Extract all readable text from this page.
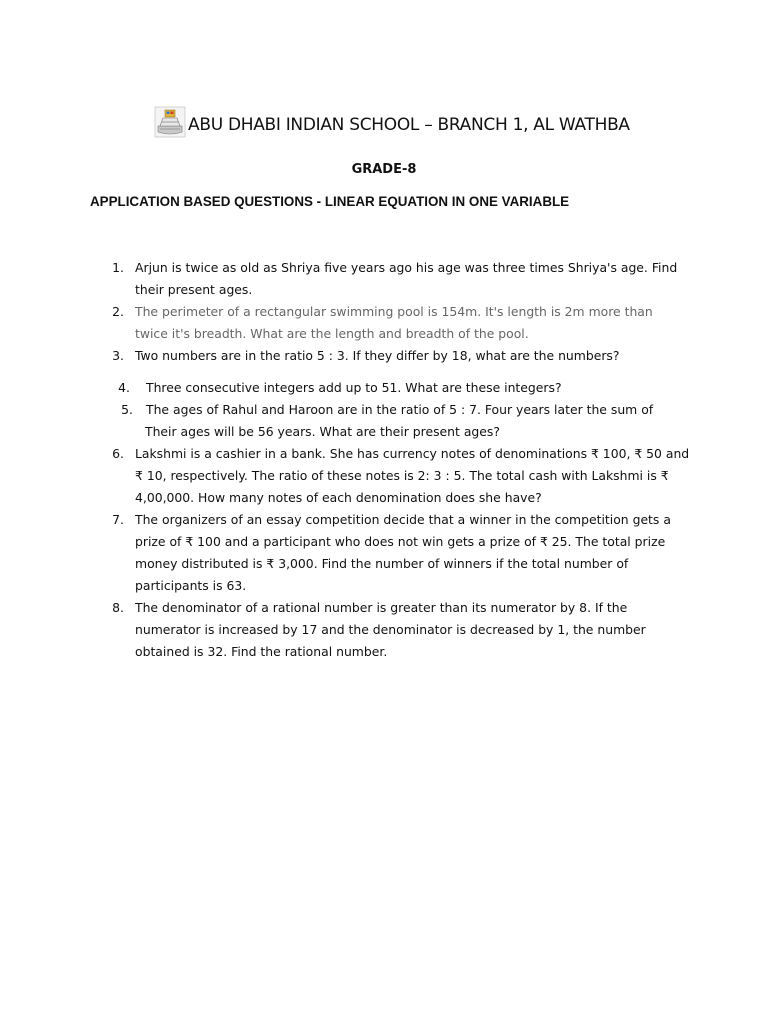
ABU DHABI INDIAN SCHOOL – BRANCH 1, AL WATHBA
GRADE-8
APPLICATION BASED QUESTIONS - LINEAR EQUATION IN ONE VARIABLE
1. Arjun is twice as old as Shriya five years ago his age was three times Shriya's age. Find
their present ages.
2. The perimeter of a rectangular swimming pool is 154m. It's length is 2m more than
twice it's breadth. What are the length and breadth of the pool.
3. Two numbers are in the ratio 5 : 3. If they differ by 18, what are the numbers?
4. Three consecutive integers add up to 51. What are these integers?
5. The ages of Rahul and Haroon are in the ratio of 5 : 7. Four years later the sum of
Their ages will be 56 years. What are their present ages?
6. Lakshmi is a cashier in a bank. She has currency notes of denominations ₹ 100, ₹ 50 and
₹ 10, respectively. The ratio of these notes is 2: 3 : 5. The total cash with Lakshmi is ₹
4,00,000. How many notes of each denomination does she have?
7. The organizers of an essay competition decide that a winner in the competition gets a
prize of ₹ 100 and a participant who does not win gets a prize of ₹ 25. The total prize
money distributed is ₹ 3,000. Find the number of winners if the total number of
participants is 63.
8. The denominator of a rational number is greater than its numerator by 8. If the
numerator is increased by 17 and the denominator is decreased by 1, the number
obtained is 32. Find the rational number.
